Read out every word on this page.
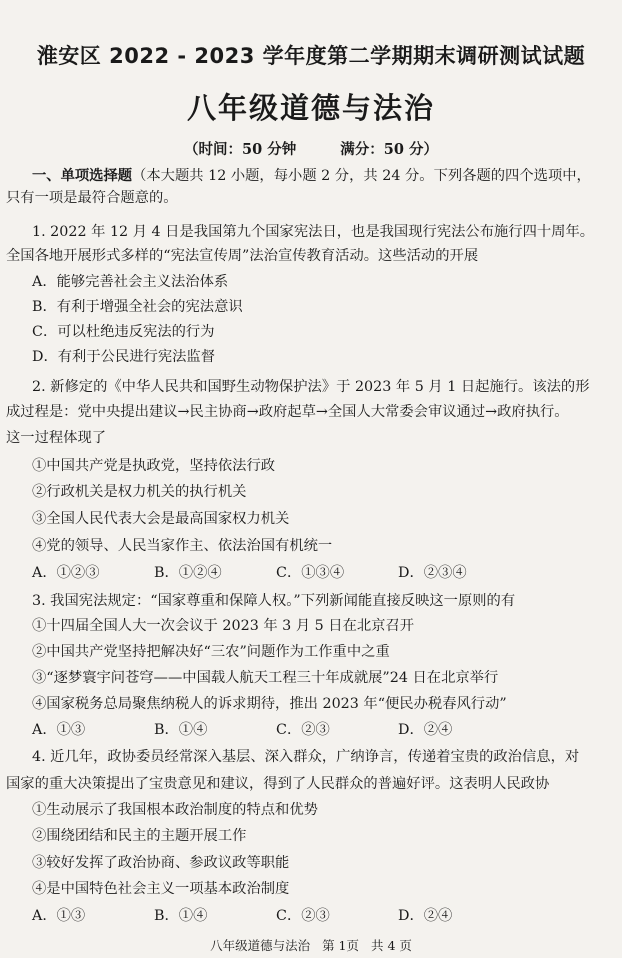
淮安区 2022 - 2023 学年度第二学期期末调研测试试题
八年级道德与法治
（时间：50 分钟	满分：50 分）
一、单项选择题（本大题共 12 小题，每小题 2 分，共 24 分。下列各题的四个选项中，
只有一项是最符合题意的。
1. 2022 年 12 月 4 日是我国第九个国家宪法日，也是我国现行宪法公布施行四十周年。
全国各地开展形式多样的“宪法宣传周”法治宣传教育活动。这些活动的开展
A．能够完善社会主义法治体系
B．有利于增强全社会的宪法意识
C．可以杜绝违反宪法的行为
D．有利于公民进行宪法监督
2. 新修定的《中华人民共和国野生动物保护法》于 2023 年 5 月 1 日起施行。该法的形
成过程是：党中央提出建议→民主协商→政府起草→全国人大常委会审议通过→政府执行。
这一过程体现了
①中国共产党是执政党，坚持依法行政
②行政机关是权力机关的执行机关
③全国人民代表大会是最高国家权力机关
④党的领导、人民当家作主、依法治国有机统一
A．①②③	B．①②④	C．①③④	D．②③④
3. 我国宪法规定：“国家尊重和保障人权。”下列新闻能直接反映这一原则的有
①十四届全国人大一次会议于 2023 年 3 月 5 日在北京召开
②中国共产党坚持把解决好“三农”问题作为工作重中之重
③“逐梦寰宇问苍穹——中国载人航天工程三十年成就展”24 日在北京举行
④国家税务总局聚焦纳税人的诉求期待，推出 2023 年“便民办税春风行动”
A．①③	B．①④	C．②③	D．②④
4. 近几年，政协委员经常深入基层、深入群众，广纳诤言，传递着宝贵的政治信息，对
国家的重大决策提出了宝贵意见和建议，得到了人民群众的普遍好评。这表明人民政协
①生动展示了我国根本政治制度的特点和优势
②围绕团结和民主的主题开展工作
③较好发挥了政治协商、参政议政等职能
④是中国特色社会主义一项基本政治制度
A．①③	B．①④	C．②③	D．②④
八年级道德与法治 第 1页 共 4 页
